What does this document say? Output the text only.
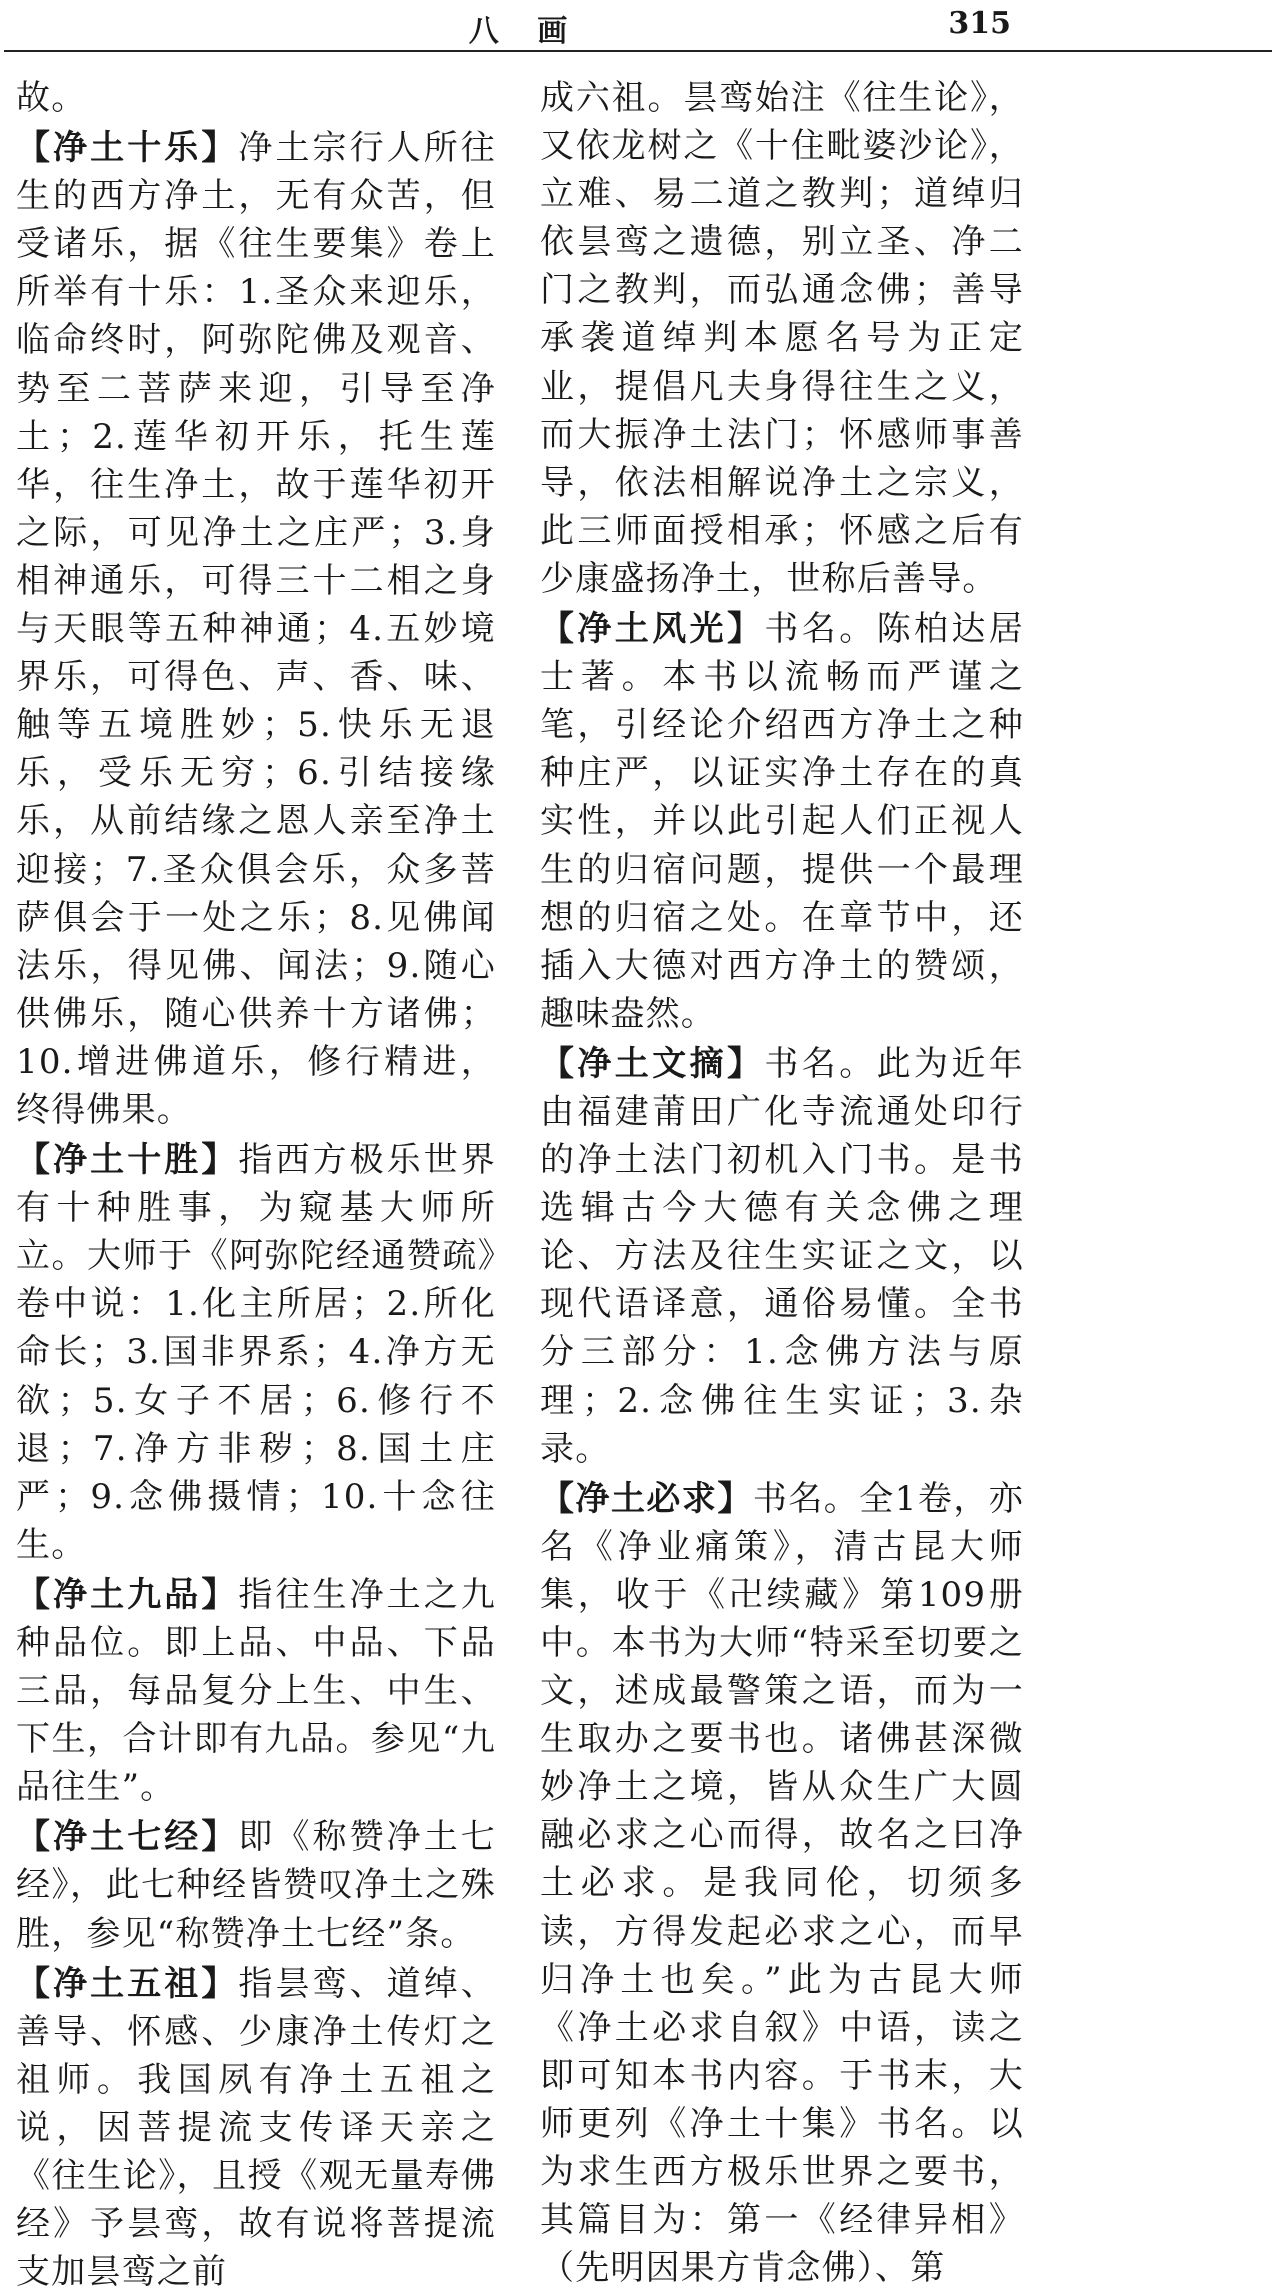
八 画	315

故。

【净土十乐】净土宗行人所往生的西方净土，无有众苦，但受诸乐，据《往生要集》卷上所举有十乐：1.圣众来迎乐，临命终时，阿弥陀佛及观音、势至二菩萨来迎，引导至净土；2.莲华初开乐，托生莲华，往生净土，故于莲华初开之际，可见净土之庄严；3.身相神通乐，可得三十二相之身与天眼等五种神通；4.五妙境界乐，可得色、声、香、味、触等五境胜妙；5.快乐无退乐，受乐无穷；6.引结接缘乐，从前结缘之恩人亲至净土迎接；7.圣众俱会乐，众多菩萨俱会于一处之乐；8.见佛闻法乐，得见佛、闻法；9.随心供佛乐，随心供养十方诸佛；10.增进佛道乐，修行精进，终得佛果。

【净土十胜】指西方极乐世界有十种胜事，为窥基大师所立。大师于《阿弥陀经通赞疏》卷中说：1.化主所居；2.所化命长；3.国非界系；4.净方无欲；5.女子不居；6.修行不退；7.净方非秽；8.国土庄严；9.念佛摄情；10.十念往生。

【净土九品】指往生净土之九种品位。即上品、中品、下品三品，每品复分上生、中生、下生，合计即有九品。参见“九品往生”。

【净土七经】即《称赞净土七经》，此七种经皆赞叹净土之殊胜，参见“称赞净土七经”条。

【净土五祖】指昙鸾、道绰、善导、怀感、少康净土传灯之祖师。我国夙有净土五祖之说，因菩提流支传译天亲之《往生论》，且授《观无量寿佛经》予昙鸾，故有说将菩提流支加昙鸾之前

成六祖。昙鸾始注《往生论》，又依龙树之《十住毗婆沙论》，立难、易二道之教判；道绰归依昙鸾之遗德，别立圣、净二门之教判，而弘通念佛；善导承袭道绰判本愿名号为正定业，提倡凡夫身得往生之义，而大振净土法门；怀感师事善导，依法相解说净土之宗义，此三师面授相承；怀感之后有少康盛扬净土，世称后善导。

【净土风光】书名。陈柏达居士著。本书以流畅而严谨之笔，引经论介绍西方净土之种种庄严，以证实净土存在的真实性，并以此引起人们正视人生的归宿问题，提供一个最理想的归宿之处。在章节中，还插入大德对西方净土的赞颂，趣味盎然。

【净土文摘】书名。此为近年由福建莆田广化寺流通处印行的净土法门初机入门书。是书选辑古今大德有关念佛之理论、方法及往生实证之文，以现代语译意，通俗易懂。全书分三部分：1.念佛方法与原理；2.念佛往生实证；3.杂录。

【净土必求】书名。全1卷，亦名《净业痛策》，清古昆大师集，收于《卍续藏》第109册中。本书为大师“特采至切要之文，述成最警策之语，而为一生取办之要书也。诸佛甚深微妙净土之境，皆从众生广大圆融必求之心而得，故名之曰净土必求。是我同伦，切须多读，方得发起必求之心，而早归净土也矣。”此为古昆大师《净土必求自叙》中语，读之即可知本书内容。于书末，大师更列《净土十集》书名。以为求生西方极乐世界之要书，其篇目为：第一《经律异相》（先明因果方肯念佛）、第
